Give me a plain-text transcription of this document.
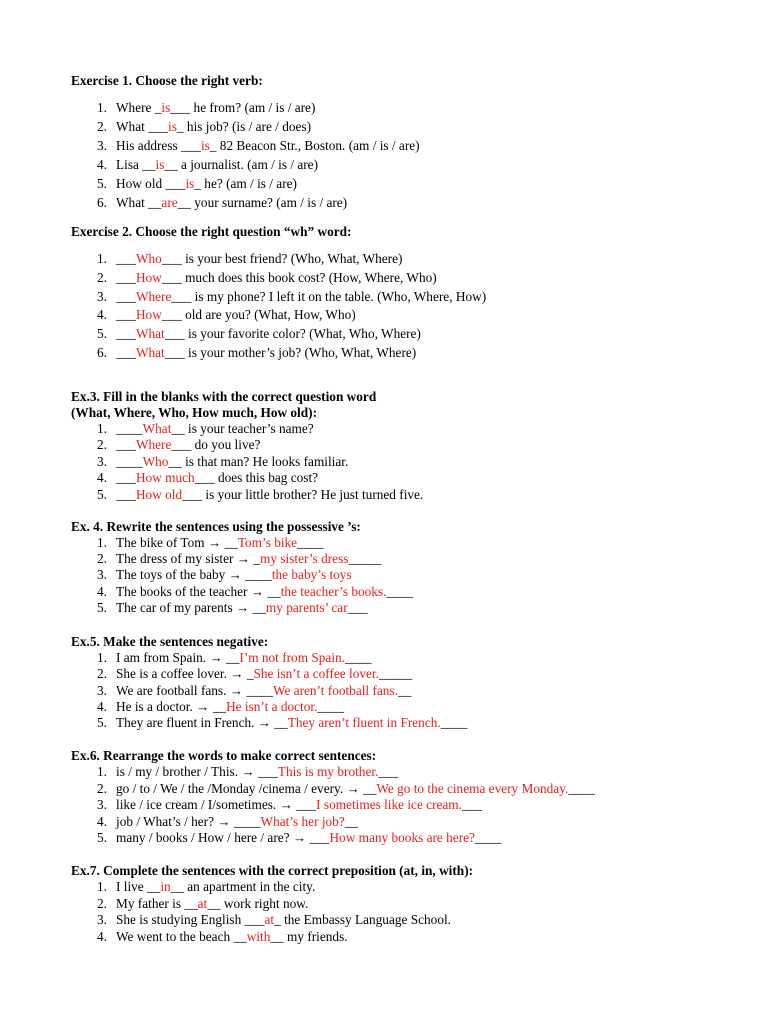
Exercise 1. Choose the right verb:
1. Where _is___ he from? (am / is / are)
2. What ___is_ his job? (is / are / does)
3. His address ___is_ 82 Beacon Str., Boston. (am / is / are)
4. Lisa __is__ a journalist. (am / is / are)
5. How old ___is_ he? (am / is / are)
6. What __are__ your surname? (am / is / are)
Exercise 2. Choose the right question “wh” word:
1. ___Who___ is your best friend? (Who, What, Where)
2. ___How___ much does this book cost? (How, Where, Who)
3. ___Where___ is my phone? I left it on the table. (Who, Where, How)
4. ___How___ old are you? (What, How, Who)
5. ___What___ is your favorite color? (What, Who, Where)
6. ___What___ is your mother’s job? (Who, What, Where)
Ex.3. Fill in the blanks with the correct question word
(What, Where, Who, How much, How old):
1. ____What__ is your teacher’s name?
2. ___Where___ do you live?
3. ____Who__ is that man? He looks familiar.
4. ___How much___ does this bag cost?
5. ___How old___ is your little brother? He just turned five.
Ex. 4. Rewrite the sentences using the possessive ’s:
1. The bike of Tom → __Tom’s bike____
2. The dress of my sister → _my sister’s dress_____
3. The toys of the baby → ____the baby’s toys
4. The books of the teacher → __the teacher’s books.____
5. The car of my parents → __my parents’ car___
Ex.5. Make the sentences negative:
1. I am from Spain. → __I’m not from Spain.____
2. She is a coffee lover. → _She isn’t a coffee lover._____
3. We are football fans. → ____We aren’t football fans.__
4. He is a doctor. → __He isn’t a doctor.____
5. They are fluent in French. → __They aren’t fluent in French.____
Ex.6. Rearrange the words to make correct sentences:
1. is / my / brother / This. → ___This is my brother.___
2. go / to / We / the /Monday /cinema / every. → __We go to the cinema every Monday.____
3. like / ice cream / I/sometimes. → ___I sometimes like ice cream.___
4. job / What’s / her? → ____What’s her job?__
5. many / books / How / here / are? → ___How many books are here?____
Ex.7. Complete the sentences with the correct preposition (at, in, with):
1. I live __in__ an apartment in the city.
2. My father is __at__ work right now.
3. She is studying English ___at_ the Embassy Language School.
4. We went to the beach __with__ my friends.
